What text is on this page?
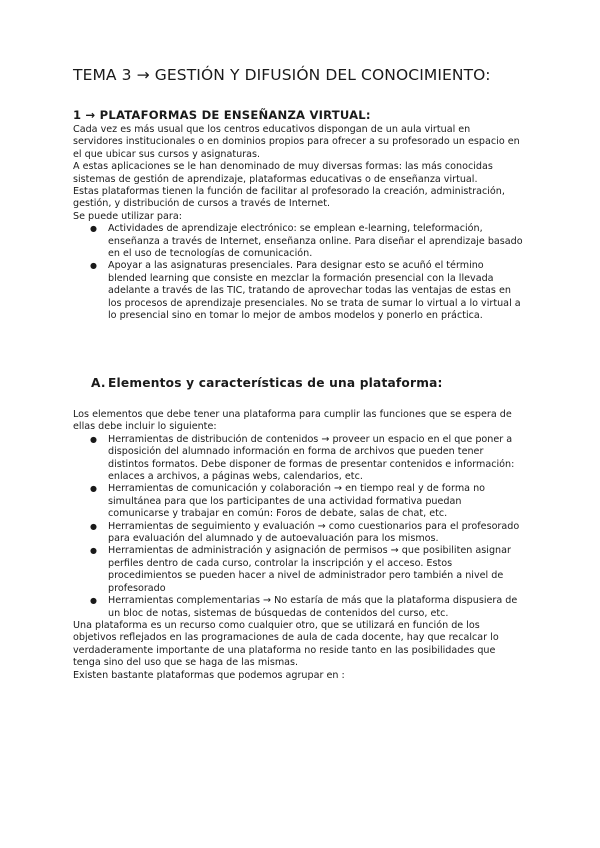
TEMA 3 → GESTIÓN Y DIFUSIÓN DEL CONOCIMIENTO:
1 → PLATAFORMAS DE ENSEÑANZA VIRTUAL:

Cada vez es más usual que los centros educativos dispongan de un aula virtual en servidores institucionales o en dominios propios para ofrecer a su profesorado un espacio en el que ubicar sus cursos y asignaturas.

A estas aplicaciones se le han denominado de muy diversas formas: las más conocidas sistemas de gestión de aprendizaje, plataformas educativas o de enseñanza virtual.

Estas plataformas tienen la función de facilitar al profesorado la creación, administración, gestión, y distribución de cursos a través de Internet.

Se puede utilizar para:

● Actividades de aprendizaje electrónico: se emplean e-learning, teleformación, enseñanza a través de Internet, enseñanza online. Para diseñar el aprendizaje basado en el uso de tecnologías de comunicación.
● Apoyar a las asignaturas presenciales. Para designar esto se acuñó el término blended learning que consiste en mezclar la formación presencial con la llevada adelante a través de las TIC, tratando de aprovechar todas las ventajas de estas en los procesos de aprendizaje presenciales. No se trata de sumar lo virtual a lo virtual a lo presencial sino en tomar lo mejor de ambos modelos y ponerlo en práctica.
A. Elementos y características de una plataforma:

Los elementos que debe tener una plataforma para cumplir las funciones que se espera de ellas debe incluir lo siguiente:

● Herramientas de distribución de contenidos → proveer un espacio en el que poner a disposición del alumnado información en forma de archivos que pueden tener distintos formatos. Debe disponer de formas de presentar contenidos e información: enlaces a archivos, a páginas webs, calendarios, etc.
● Herramientas de comunicación y colaboración → en tiempo real y de forma no simultánea para que los participantes de una actividad formativa puedan comunicarse y trabajar en común: Foros de debate, salas de chat, etc.
● Herramientas de seguimiento y evaluación → como cuestionarios para el profesorado para evaluación del alumnado y de autoevaluación para los mismos.
● Herramientas de administración y asignación de permisos → que posibiliten asignar perfiles dentro de cada curso, controlar la inscripción y el acceso. Estos procedimientos se pueden hacer a nivel de administrador pero también a nivel de profesorado
● Herramientas complementarias → No estaría de más que la plataforma dispusiera de un bloc de notas, sistemas de búsquedas de contenidos del curso, etc.

Una plataforma es un recurso como cualquier otro, que se utilizará en función de los objetivos reflejados en las programaciones de aula de cada docente, hay que recalcar lo verdaderamente importante de una plataforma no reside tanto en las posibilidades que tenga sino del uso que se haga de las mismas.

Existen bastante plataformas que podemos agrupar en :
